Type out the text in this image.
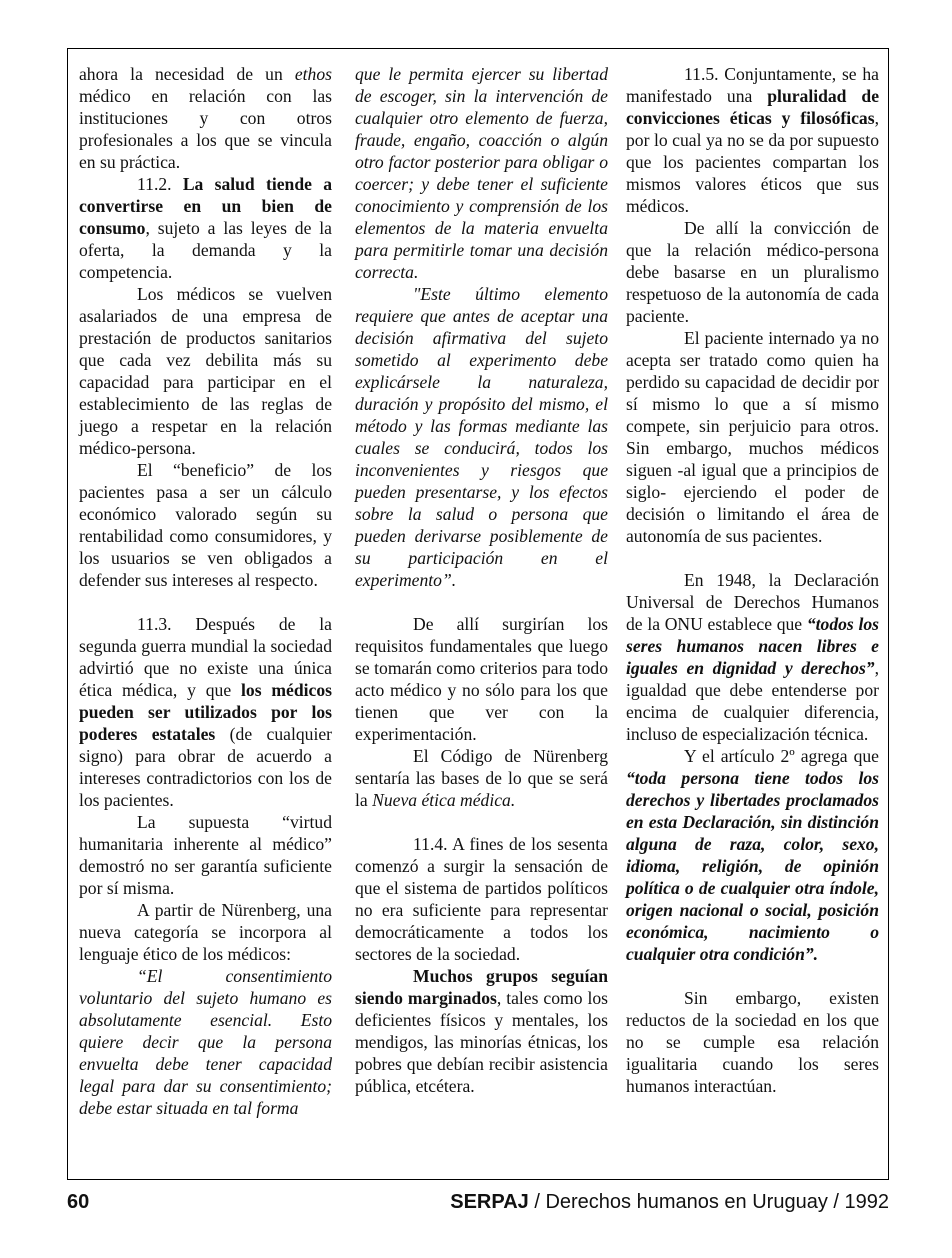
ahora la necesidad de un ethos médico en relación con las instituciones y con otros profesionales a los que se vincula en su práctica.

11.2. La salud tiende a convertirse en un bien de consumo, sujeto a las leyes de la oferta, la demanda y la competencia.

Los médicos se vuelven asalariados de una empresa de prestación de productos sanitarios que cada vez debilita más su capacidad para participar en el establecimiento de las reglas de juego a respetar en la relación médico-persona.

El “beneficio” de los pacientes pasa a ser un cálculo económico valorado según su rentabilidad como consumidores, y los usuarios se ven obligados a defender sus intereses al respecto.

11.3. Después de la segunda guerra mundial la sociedad advirtió que no existe una única ética médica, y que los médicos pueden ser utilizados por los poderes estatales (de cualquier signo) para obrar de acuerdo a intereses contradictorios con los de los pacientes.

La supuesta “virtud humanitaria inherente al médico” demostró no ser garantía suficiente por sí misma.

A partir de Nürenberg, una nueva categoría se incorpora al lenguaje ético de los médicos:

“El consentimiento voluntario del sujeto humano es absolutamente esencial. Esto quiere decir que la persona envuelta debe tener capacidad legal para dar su consentimiento; debe estar situada en tal forma

que le permita ejercer su libertad de escoger, sin la intervención de cualquier otro elemento de fuerza, fraude, engaño, coacción o algún otro factor posterior para obligar o coercer; y debe tener el suficiente conocimiento y comprensión de los elementos de la materia envuelta para permitirle tomar una decisión correcta.

"Este último elemento requiere que antes de aceptar una decisión afirmativa del sujeto sometido al experimento debe explicársele la naturaleza, duración y propósito del mismo, el método y las formas mediante las cuales se conducirá, todos los inconvenientes y riesgos que pueden presentarse, y los efectos sobre la salud o persona que pueden derivarse posiblemente de su participación en el experimento”.

De allí surgirían los requisitos fundamentales que luego se tomarán como criterios para todo acto médico y no sólo para los que tienen que ver con la experimentación.

El Código de Nürenberg sentaría las bases de lo que se será la Nueva ética médica.

11.4. A fines de los sesenta comenzó a surgir la sensación de que el sistema de partidos políticos no era suficiente para representar democráticamente a todos los sectores de la sociedad.

Muchos grupos seguían siendo marginados, tales como los deficientes físicos y mentales, los mendigos, las minorías étnicas, los pobres que debían recibir asistencia pública, etcétera.

11.5. Conjuntamente, se ha manifestado una pluralidad de convicciones éticas y filosóficas, por lo cual ya no se da por supuesto que los pacientes compartan los mismos valores éticos que sus médicos.

De allí la convicción de que la relación médico-persona debe basarse en un pluralismo respetuoso de la autonomía de cada paciente.

El paciente internado ya no acepta ser tratado como quien ha perdido su capacidad de decidir por sí mismo lo que a sí mismo compete, sin perjuicio para otros. Sin embargo, muchos médicos siguen -al igual que a principios de siglo- ejerciendo el poder de decisión o limitando el área de autonomía de sus pacientes.

En 1948, la Declaración Universal de Derechos Humanos de la ONU establece que “todos los seres humanos nacen libres e iguales en dignidad y derechos”, igualdad que debe entenderse por encima de cualquier diferencia, incluso de especialización técnica.

Y el artículo 2º agrega que “toda persona tiene todos los derechos y libertades proclamados en esta Declaración, sin distinción alguna de raza, color, sexo, idioma, religión, de opinión política o de cualquier otra índole, origen nacional o social, posición económica, nacimiento o cualquier otra condición”.

Sin embargo, existen reductos de la sociedad en los que no se cumple esa relación igualitaria cuando los seres humanos interactúan.

60	SERPAJ / Derechos humanos en Uruguay / 1992
